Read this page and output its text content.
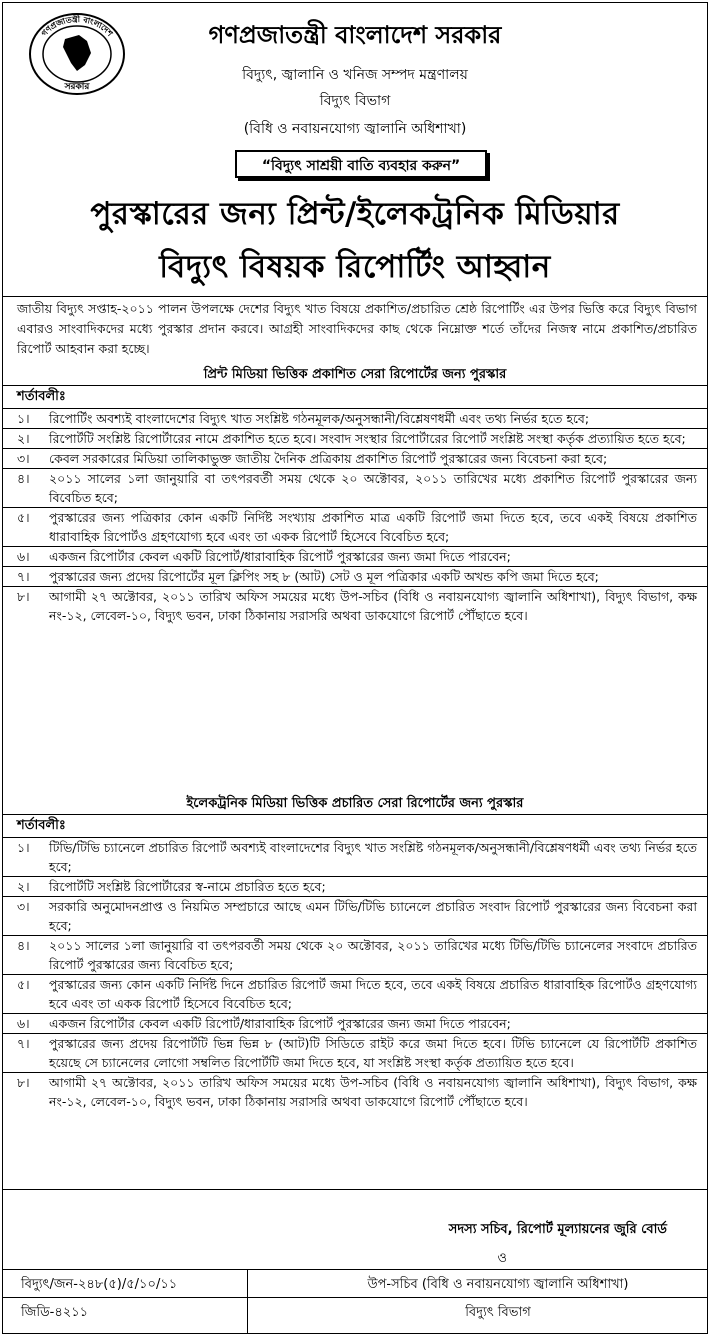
গণপ্রজাতন্ত্রী বাংলাদেশ
সরকার
গণপ্রজাতন্ত্রী বাংলাদেশ সরকার
বিদ্যুৎ, জ্বালানি ও খনিজ সম্পদ মন্ত্রণালয়
বিদ্যুৎ বিভাগ
(বিধি ও নবায়নযোগ্য জ্বালানি অধিশাখা)
“বিদ্যুৎ সাশ্রয়ী বাতি ব্যবহার করুন”
পুরস্কারের জন্য প্রিন্ট/ইলেকট্রনিক মিডিয়ার
বিদ্যুৎ বিষয়ক রিপোর্টিং আহ্বান
জাতীয় বিদ্যুৎ সপ্তাহ-২০১১ পালন উপলক্ষে দেশের বিদ্যুৎ খাত বিষয়ে প্রকাশিত/প্রচারিত শ্রেষ্ঠ রিপোর্টিং এর উপর ভিত্তি করে বিদ্যুৎ বিভাগ এবারও সাংবাদিকদের মধ্যে পুরস্কার প্রদান করবে। আগ্রহী সাংবাদিকদের কাছ থেকে নিম্নোক্ত শর্তে তাঁদের নিজস্ব নামে প্রকাশিত/প্রচারিত রিপোর্ট আহবান করা হচ্ছে।
প্রিন্ট মিডিয়া ভিত্তিক প্রকাশিত সেরা রিপোর্টের জন্য পুরস্কার
শর্তাবলীঃ
১।	রিপোর্টিং অবশ্যই বাংলাদেশের বিদ্যুৎ খাত সংশ্লিষ্ট গঠনমূলক/অনুসন্ধানী/বিশ্লেষণধর্মী এবং তথ্য নির্ভর হতে হবে;
২।	রিপোর্টটি সংশ্লিষ্ট রিপোর্টারের নামে প্রকাশিত হতে হবে। সংবাদ সংস্থার রিপোর্টারের রিপোর্ট সংশ্লিষ্ট সংস্থা কর্তৃক প্রত্যায়িত হতে হবে;
৩।	কেবল সরকারের মিডিয়া তালিকাভুক্ত জাতীয় দৈনিক প্রত্রিকায় প্রকাশিত রিপোর্ট পুরস্কারের জন্য বিবেচনা করা হবে;
৪।	২০১১ সালের ১লা জানুয়ারি বা তৎপরবর্তী সময় থেকে ২০ অক্টোবর, ২০১১ তারিখের মধ্যে প্রকাশিত রিপোর্ট পুরস্কারের জন্য বিবেচিত হবে;
৫।	পুরস্কারের জন্য পত্রিকার কোন একটি নির্দিষ্ট সংখ্যায় প্রকাশিত মাত্র একটি রিপোর্ট জমা দিতে হবে, তবে একই বিষয়ে প্রকাশিত ধারাবাহিক রিপোর্টও গ্রহণযোগ্য হবে এবং তা একক রিপোর্ট হিসেবে বিবেচিত হবে;
৬।	একজন রিপোর্টার কেবল একটি রিপোর্ট/ধারাবাহিক রিপোর্ট পুরস্কারের জন্য জমা দিতে পারবেন;
৭।	পুরস্কারের জন্য প্রদেয় রিপোর্টের মূল ক্লিপিং সহ ৮ (আট) সেট ও মূল পত্রিকার একটি অখন্ড কপি জমা দিতে হবে;
৮।	আগামী ২৭ অক্টোবর, ২০১১ তারিখ অফিস সময়ের মধ্যে উপ-সচিব (বিধি ও নবায়নযোগ্য জ্বালানি অধিশাখা), বিদ্যুৎ বিভাগ, কক্ষ নং-১২, লেবেল-১০, বিদ্যুৎ ভবন, ঢাকা ঠিকানায় সরাসরি অথবা ডাকযোগে রিপোর্ট পৌঁছাতে হবে।
ইলেকট্রনিক মিডিয়া ভিত্তিক প্রচারিত সেরা রিপোর্টের জন্য পুরস্কার
শর্তাবলীঃ
১।	টিভি/টিভি চ্যানেলে প্রচারিত রিপোর্ট অবশ্যই বাংলাদেশের বিদ্যুৎ খাত সংশ্লিষ্ট গঠনমূলক/অনুসন্ধানী/বিশ্লেষণধর্মী এবং তথ্য নির্ভর হতে হবে;
২।	রিপোর্টটি সংশ্লিষ্ট রিপোর্টারের স্ব-নামে প্রচারিত হতে হবে;
৩।	সরকারি অনুমোদনপ্রাপ্ত ও নিয়মিত সম্প্রচারে আছে এমন টিভি/টিভি চ্যানেলে প্রচারিত সংবাদ রিপোর্ট পুরস্কারের জন্য বিবেচনা করা হবে;
৪।	২০১১ সালের ১লা জানুয়ারি বা তৎপরবর্তী সময় থেকে ২০ অক্টোবর, ২০১১ তারিখের মধ্যে টিভি/টিভি চ্যানেলের সংবাদে প্রচারিত রিপোর্ট পুরস্কারের জন্য বিবেচিত হবে;
৫।	পুরস্কারের জন্য কোন একটি নির্দিষ্ট দিনে প্রচারিত রিপোর্ট জমা দিতে হবে, তবে একই বিষয়ে প্রচারিত ধারাবাহিক রিপোর্টও গ্রহণযোগ্য হবে এবং তা একক রিপোর্ট হিসেবে বিবেচিত হবে;
৬।	একজন রিপোর্টার কেবল একটি রিপোর্ট/ধারাবাহিক রিপোর্ট পুরস্কারের জন্য জমা দিতে পারবেন;
৭।	পুরস্কারের জন্য প্রদেয় রিপোর্টটি ভিন্ন ভিন্ন ৮ (আট)টি সিডিতে রাইট করে জমা দিতে হবে। টিভি চ্যানেলে যে রিপোর্টটি প্রকাশিত হয়েছে সে চ্যানেলের লোগো সম্বলিত রিপোর্টটি জমা দিতে হবে, যা সংশ্লিষ্ট সংস্থা কর্তৃক প্রত্যায়িত হতে হবে।
৮।	আগামী ২৭ অক্টোবর, ২০১১ তারিখ অফিস সময়ের মধ্যে উপ-সচিব (বিধি ও নবায়নযোগ্য জ্বালানি অধিশাখা), বিদ্যুৎ বিভাগ, কক্ষ নং-১২, লেবেল-১০, বিদ্যুৎ ভবন, ঢাকা ঠিকানায় সরাসরি অথবা ডাকযোগে রিপোর্ট পৌঁছাতে হবে।
সদস্য সচিব, রিপোর্ট মূল্যায়নের জুরি বোর্ড
ও
বিদ্যুৎ/জন-২৪৮(৫)/৫/১০/১১	উপ-সচিব (বিধি ও নবায়নযোগ্য জ্বালানি অধিশাখা)
জিডি-৪২১১	বিদ্যুৎ বিভাগ
